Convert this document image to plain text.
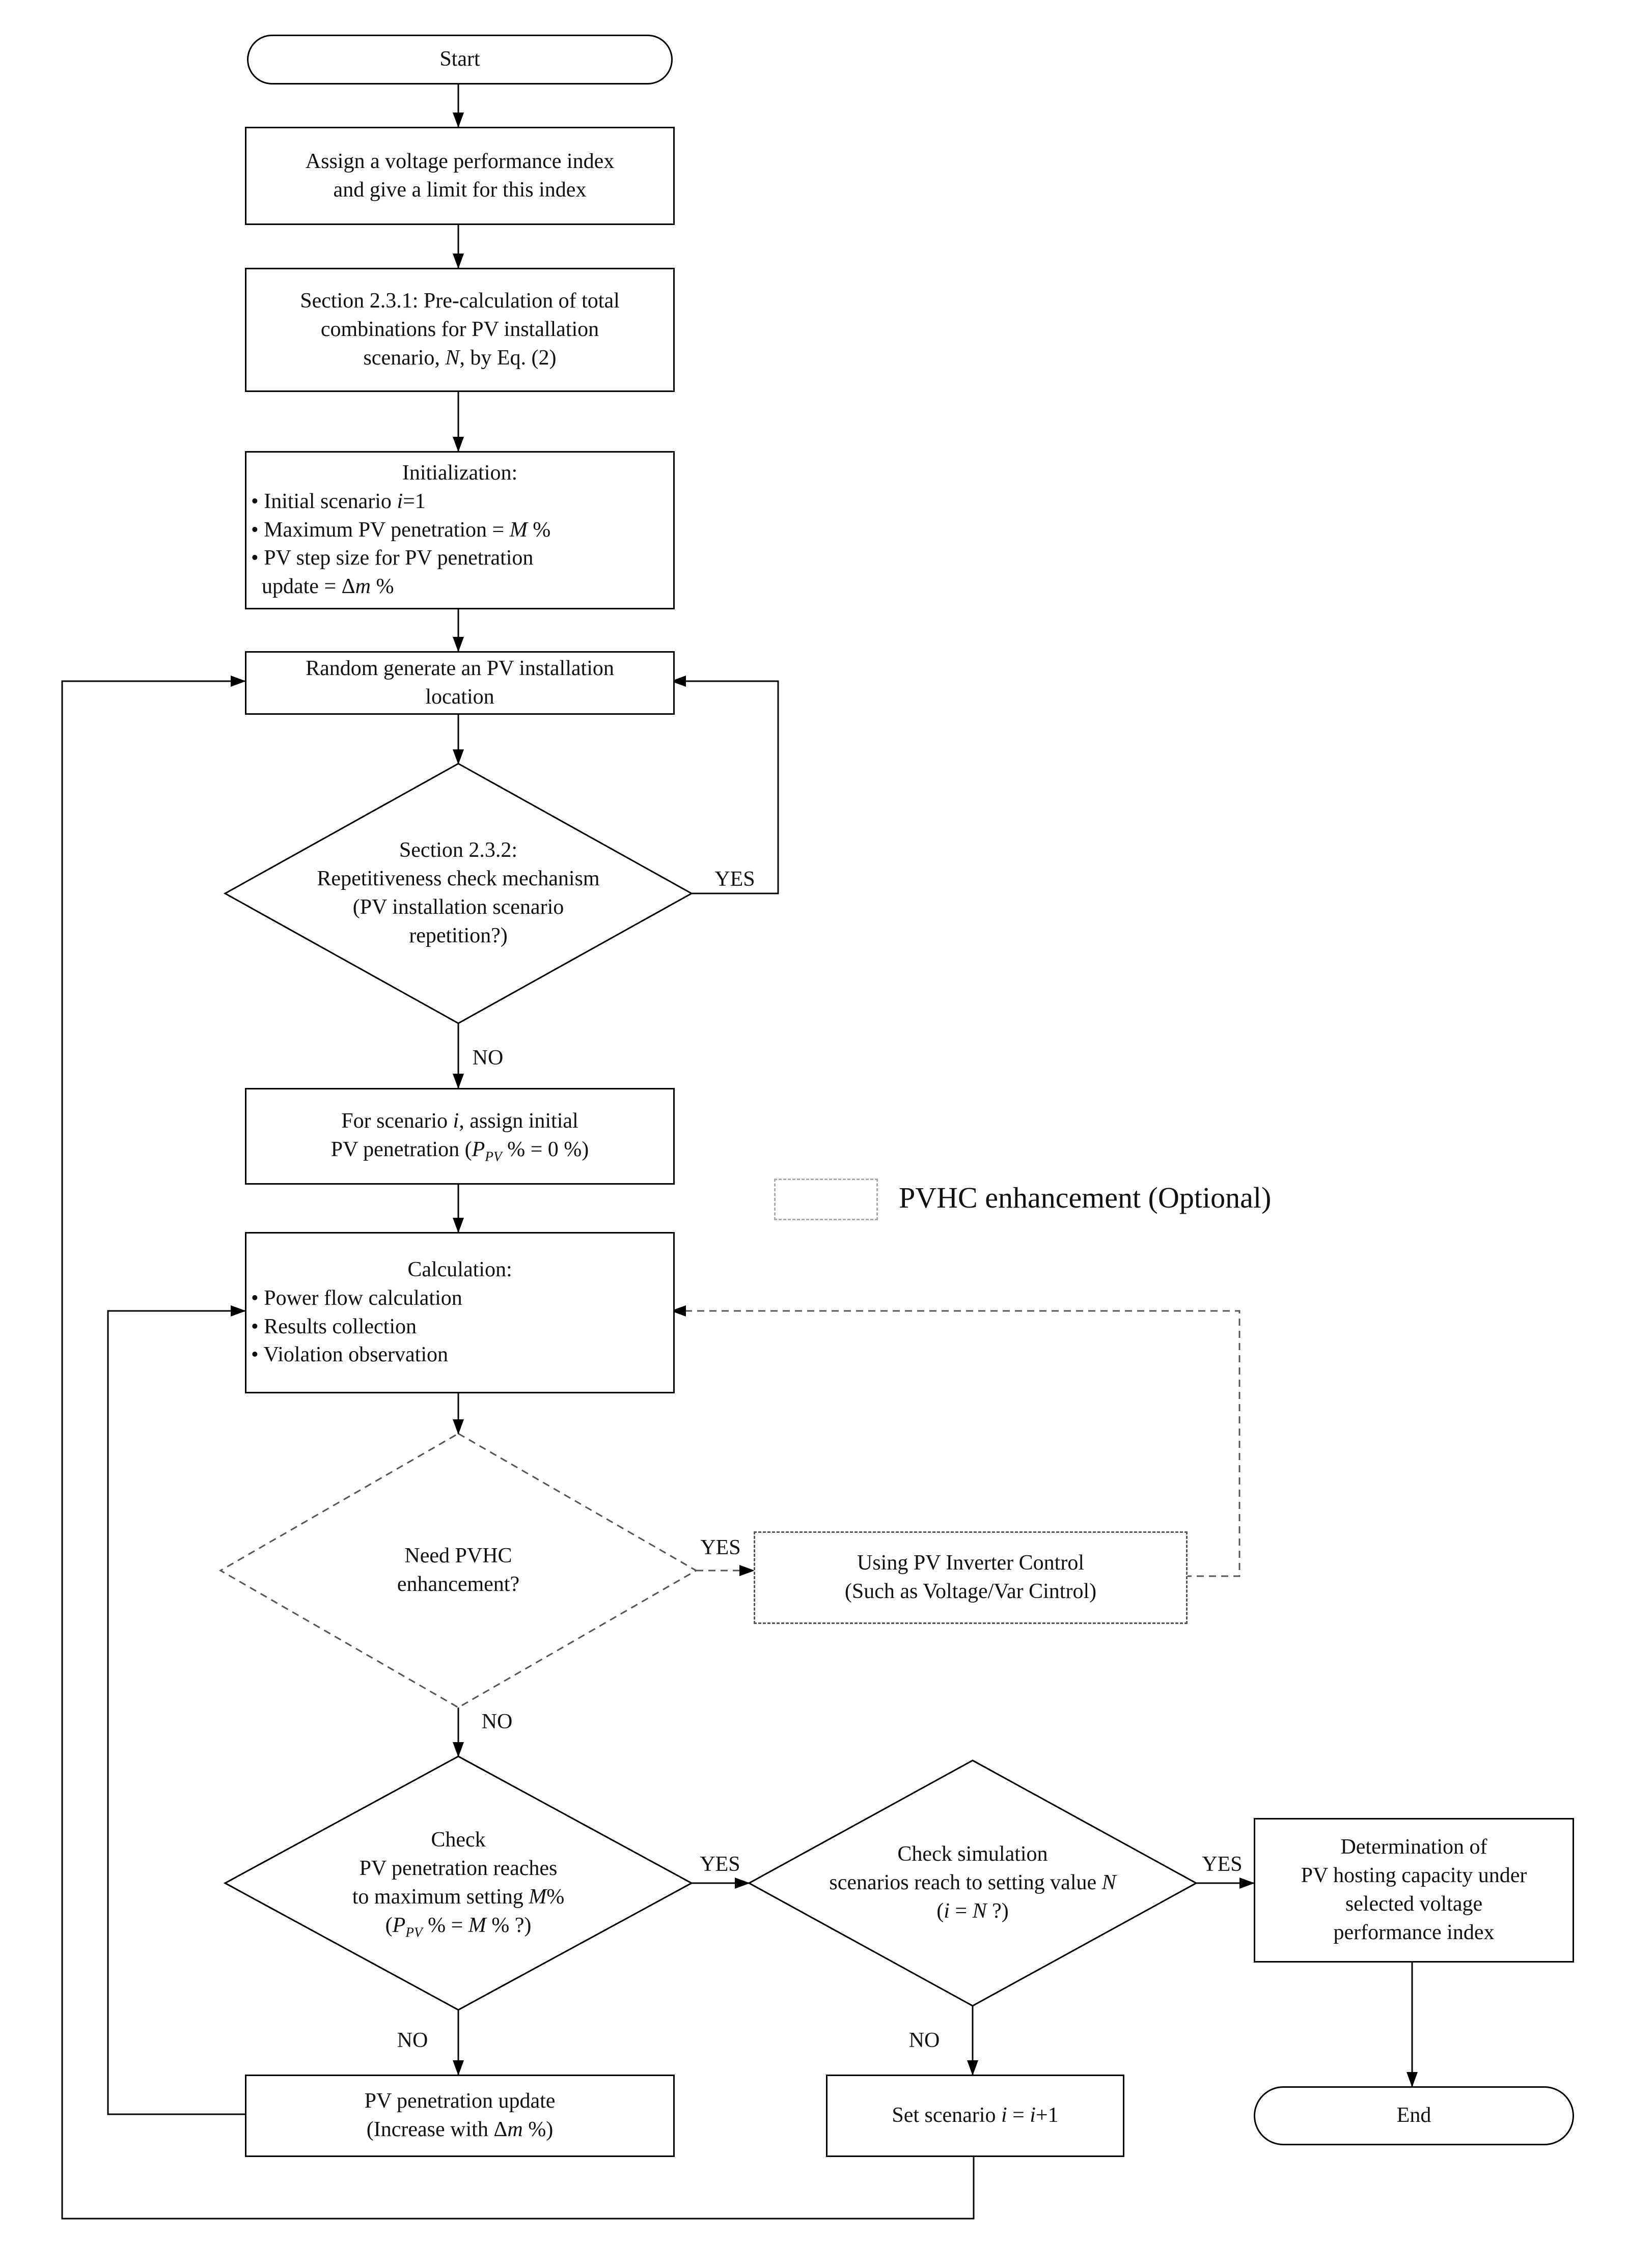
Start
Assign a voltage performance index
and give a limit for this index
Section 2.3.1: Pre-calculation of total
combinations for PV installation
scenario, N, by Eq. (2)
Initialization:
• Initial scenario i=1
• Maximum PV penetration = M %
• PV step size for PV penetration
update = Δm %
Random generate an PV installation
location
Section 2.3.2:
Repetitiveness check mechanism
(PV installation scenario
repetition?)
For scenario i, assign initial
PV penetration ($P_{PV}$ % = 0 %)
PVHC enhancement (Optional)
Calculation:
• Power flow calculation
• Results collection
• Violation observation
Need PVHC
enhancement?
Using PV Inverter Control
(Such as Voltage/Var Cintrol)
Check
PV penetration reaches
to maximum setting M%
($P_{PV}$ % = M % ?)
Check simulation
scenarios reach to setting value N
(i = N ?)
Determination of
PV hosting capacity under
selected voltage
performance index
PV penetration update
(Increase with Δm %)
Set scenario i = i+1	End
YES
NO
YES
NO
YES
NO
YES
NO
